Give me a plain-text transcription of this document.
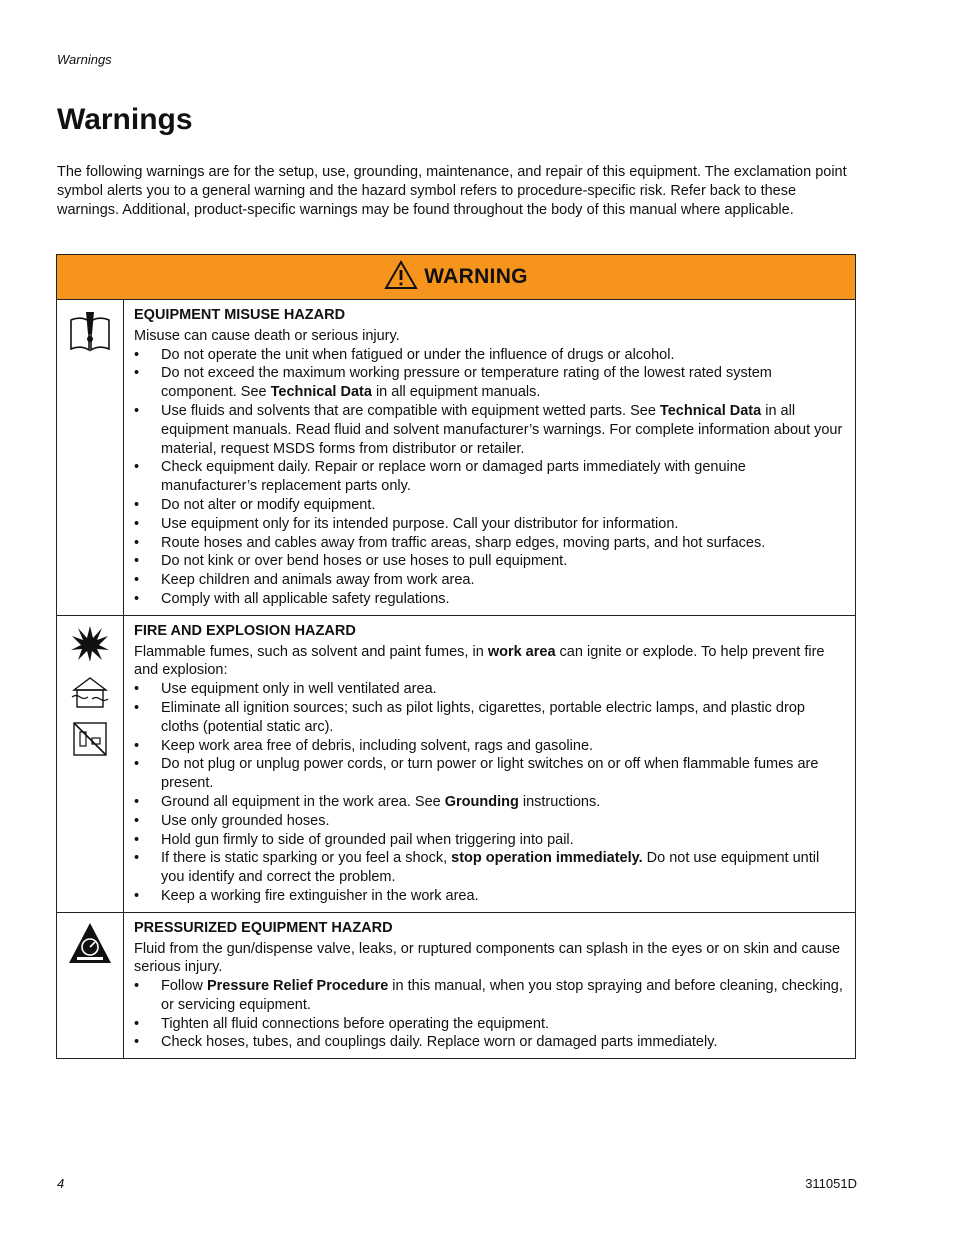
Warnings
Warnings

The following warnings are for the setup, use, grounding, maintenance, and repair of this equipment. The exclamation point symbol alerts you to a general warning and the hazard symbol refers to procedure-specific risk. Refer back to these warnings. Additional, product-specific warnings may be found throughout the body of this manual where applicable.

WARNING
EQUIPMENT MISUSE HAZARD

Misuse can cause death or serious injury.

• Do not operate the unit when fatigued or under the influence of drugs or alcohol.
• Do not exceed the maximum working pressure or temperature rating of the lowest rated system component. See Technical Data in all equipment manuals.
• Use fluids and solvents that are compatible with equipment wetted parts. See Technical Data in all equipment manuals. Read fluid and solvent manufacturer’s warnings. For complete information about your material, request MSDS forms from distributor or retailer.
• Check equipment daily. Repair or replace worn or damaged parts immediately with genuine manufacturer’s replacement parts only.
• Do not alter or modify equipment.
• Use equipment only for its intended purpose. Call your distributor for information.
• Route hoses and cables away from traffic areas, sharp edges, moving parts, and hot surfaces.
• Do not kink or over bend hoses or use hoses to pull equipment.
• Keep children and animals away from work area.
• Comply with all applicable safety regulations.
FIRE AND EXPLOSION HAZARD

Flammable fumes, such as solvent and paint fumes, in work area can ignite or explode. To help prevent fire and explosion:

• Use equipment only in well ventilated area.
• Eliminate all ignition sources; such as pilot lights, cigarettes, portable electric lamps, and plastic drop cloths (potential static arc).
• Keep work area free of debris, including solvent, rags and gasoline.
• Do not plug or unplug power cords, or turn power or light switches on or off when flammable fumes are present.
• Ground all equipment in the work area. See Grounding instructions.
• Use only grounded hoses.
• Hold gun firmly to side of grounded pail when triggering into pail.
• If there is static sparking or you feel a shock, stop operation immediately. Do not use equipment until you identify and correct the problem.
• Keep a working fire extinguisher in the work area.
PRESSURIZED EQUIPMENT HAZARD

Fluid from the gun/dispense valve, leaks, or ruptured components can splash in the eyes or on skin and cause serious injury.

• Follow Pressure Relief Procedure in this manual, when you stop spraying and before cleaning, checking, or servicing equipment.
• Tighten all fluid connections before operating the equipment.
• Check hoses, tubes, and couplings daily. Replace worn or damaged parts immediately.
4	311051D
